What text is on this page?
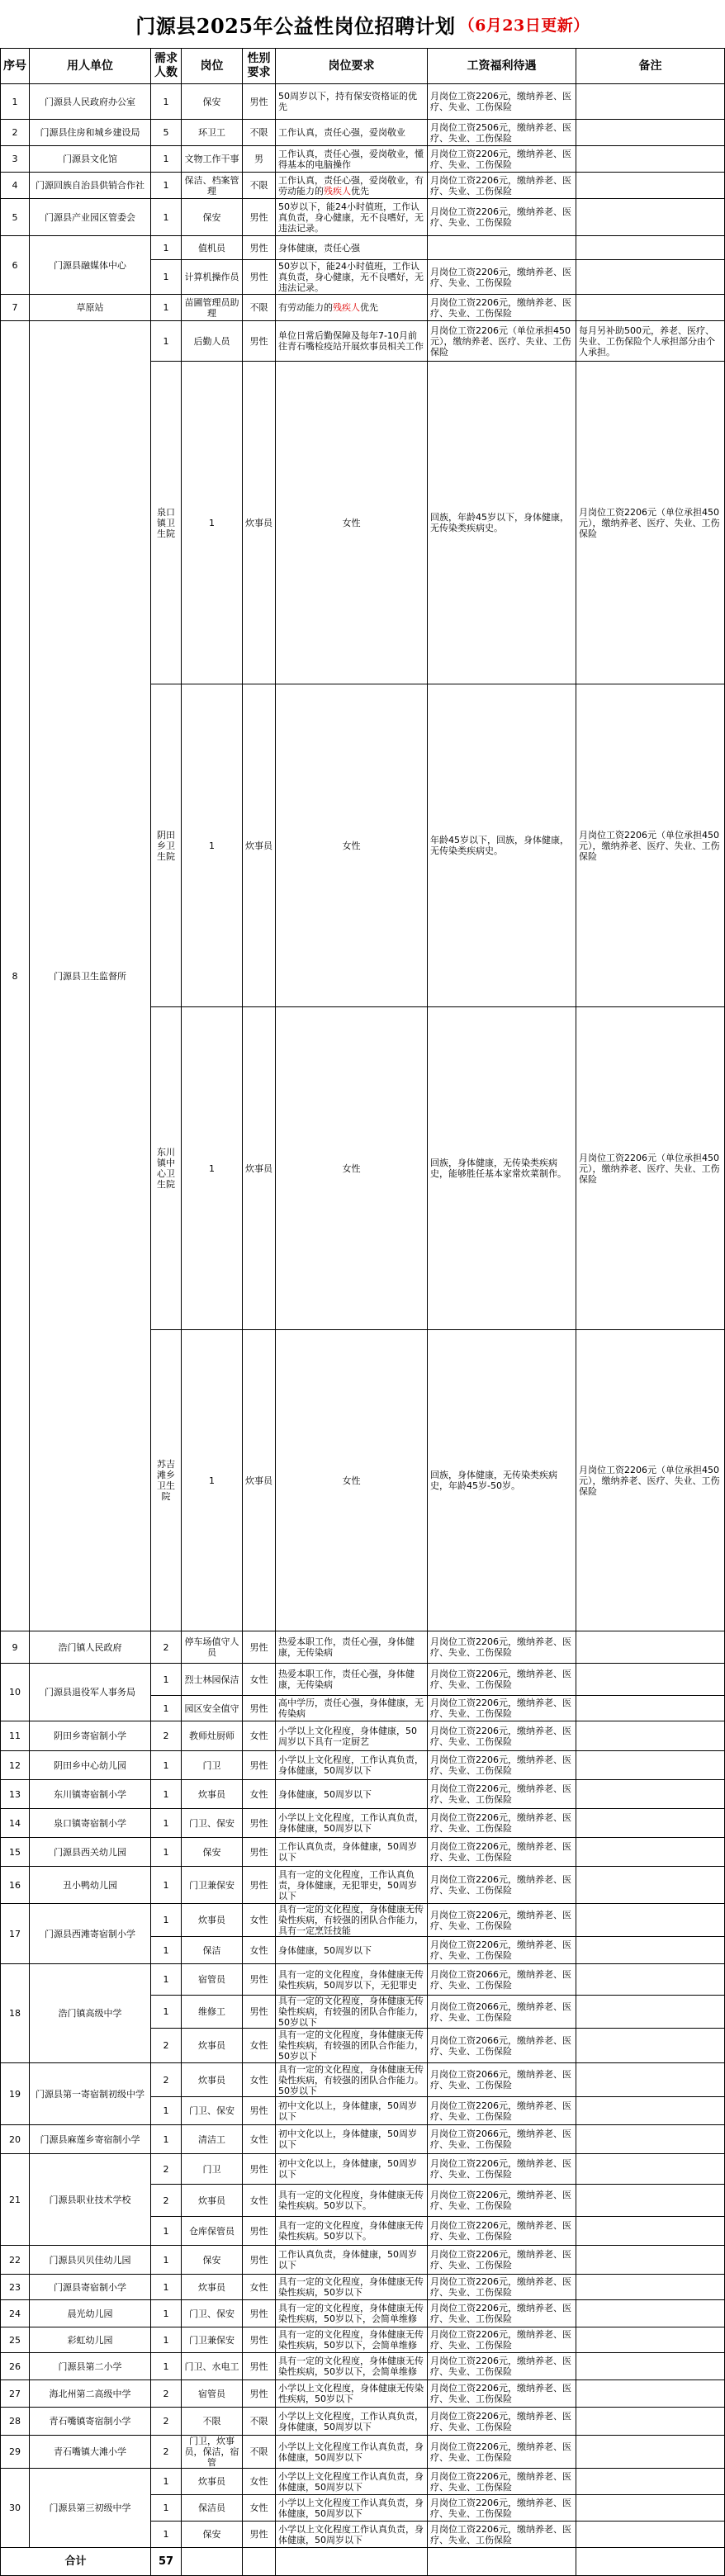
门源县2025年公益性岗位招聘计划 （6月23日更新）
序号	用人单位	需求人数	岗位	性别要求	岗位要求	工资福利待遇	备注	
1	门源县人民政府办公室	1	保安	男性	50周岁以下，持有保安资格证的优先	月岗位工资2206元，缴纳养老、医疗、失业、工伤保险		
2	门源县住房和城乡建设局	5	环卫工	不限	工作认真，责任心强，爱岗敬业	月岗位工资2506元，缴纳养老、医疗、失业、工伤保险		
3	门源县文化馆	1	文物工作干事	男	工作认真，责任心强，爱岗敬业，懂得基本的电脑操作	月岗位工资2206元，缴纳养老、医疗、失业、工伤保险		
4	门源回族自治县供销合作社	1	保洁、档案管理	不限	工作认真，责任心强，爱岗敬业，有劳动能力的残疾人优先	月岗位工资2206元，缴纳养老、医疗、失业、工伤保险		
5	门源县产业园区管委会	1	保安	男性	50岁以下，能24小时值班，工作认真负责，身心健康，无不良嗜好，无违法记录。	月岗位工资2206元，缴纳养老、医疗、失业、工伤保险		
6	门源县融媒体中心	1	值机员	男性	身体健康，责任心强			
		1	计算机操作员	男性	50岁以下，能24小时值班，工作认真负责，身心健康，无不良嗜好，无违法记录。	月岗位工资2206元，缴纳养老、医疗、失业、工伤保险		
7	草原站	1	苗圃管理员助理	不限	有劳动能力的残疾人优先	月岗位工资2206元，缴纳养老、医疗、失业、工伤保险		
8	门源县卫生监督所	1	后勤人员	男性	单位日常后勤保障及每年7-10月前往青石嘴检疫站开展炊事员相关工作	月岗位工资2206元（单位承担450元），缴纳养老、医疗、失业、工伤保险	每月另补助500元，养老、医疗、失业、工伤保险个人承担部分由个人承担。	
		泉口镇卫生院	1	炊事员	女性	回族，年龄45岁以下，身体健康，无传染类疾病史。	月岗位工资2206元（单位承担450元），缴纳养老、医疗、失业、工伤保险	
		阴田乡卫生院	1	炊事员	女性	年龄45岁以下，回族，身体健康，无传染类疾病史。	月岗位工资2206元（单位承担450元），缴纳养老、医疗、失业、工伤保险	
		东川镇中心卫生院	1	炊事员	女性	回族，身体健康，无传染类疾病史，能够胜任基本家常炊菜制作。	月岗位工资2206元（单位承担450元），缴纳养老、医疗、失业、工伤保险	
		苏吉滩乡卫生院	1	炊事员	女性	回族，身体健康，无传染类疾病史，年龄45岁-50岁。	月岗位工资2206元（单位承担450元），缴纳养老、医疗、失业、工伤保险	
9	浩门镇人民政府	2	停车场值守人员	男性	热爱本职工作，责任心强，身体健康，无传染病	月岗位工资2206元，缴纳养老、医疗、失业、工伤保险		
10	门源县退役军人事务局	1	烈士林园保洁	女性	热爱本职工作，责任心强，身体健康，无传染病	月岗位工资2206元，缴纳养老、医疗、失业、工伤保险		
		1	园区安全值守	男性	高中学历，责任心强，身体健康，无传染病	月岗位工资2206元，缴纳养老、医疗、失业、工伤保险		
11	阴田乡寄宿制小学	2	教师灶厨师	女性	小学以上文化程度，身体健康，50周岁以下具有一定厨艺	月岗位工资2206元，缴纳养老、医疗、失业、工伤保险		
12	阴田乡中心幼儿园	1	门卫	男性	小学以上文化程度，工作认真负责，身体健康，50周岁以下	月岗位工资2206元，缴纳养老、医疗、失业、工伤保险		
13	东川镇寄宿制小学	1	炊事员	女性	身体健康，50周岁以下	月岗位工资2206元，缴纳养老、医疗、失业、工伤保险		
14	泉口镇寄宿制小学	1	门卫、保安	男性	小学以上文化程度，工作认真负责，身体健康，50周岁以下	月岗位工资2206元，缴纳养老、医疗、失业、工伤保险		
15	门源县西关幼儿园	1	保安	男性	工作认真负责，身体健康，50周岁以下	月岗位工资2206元，缴纳养老、医疗、失业、工伤保险		
16	丑小鸭幼儿园	1	门卫兼保安	男性	具有一定的文化程度，工作认真负责，身体健康，无犯罪史，50周岁以下	月岗位工资2206元，缴纳养老、医疗、失业、工伤保险		
17	门源县西滩寄宿制小学	1	炊事员	女性	具有一定的文化程度，身体健康无传染性疾病，有较强的团队合作能力，具有一定烹饪技能	月岗位工资2206元，缴纳养老、医疗、失业、工伤保险		
		1	保洁	女性	身体健康，50周岁以下	月岗位工资2206元，缴纳养老、医疗、失业、工伤保险		
18	浩门镇高级中学	1	宿管员	男性	具有一定的文化程度，身体健康无传染性疾病，50周岁以下，无犯罪史	月岗位工资2066元，缴纳养老、医疗、失业、工伤保险		
		1	维修工	男性	具有一定的文化程度，身体健康无传染性疾病，有较强的团队合作能力，50岁以下	月岗位工资2066元，缴纳养老、医疗、失业、工伤保险		
		2	炊事员	女性	具有一定的文化程度，身体健康无传染性疾病，有较强的团队合作能力，50岁以下	月岗位工资2066元，缴纳养老、医疗、失业、工伤保险		
19	门源县第一寄宿制初级中学	2	炊事员	女性	具有一定的文化程度，身体健康无传染性疾病，有较强的团队合作能力。50岁以下	月岗位工资2066元，缴纳养老、医疗、失业、工伤保险		
		1	门卫、保安	男性	初中文化以上，身体健康，50周岁以下	月岗位工资2206元，缴纳养老、医疗、失业、工伤保险		
20	门源县麻莲乡寄宿制小学	1	清洁工	女性	初中文化以上，身体健康，50周岁以下	月岗位工资2066元，缴纳养老、医疗、失业、工伤保险		
21	门源县职业技术学校	2	门卫	男性	初中文化以上，身体健康，50周岁以下	月岗位工资2206元，缴纳养老、医疗、失业、工伤保险		
		2	炊事员	女性	具有一定的文化程度，身体健康无传染性疾病。50岁以下。	月岗位工资2206元，缴纳养老、医疗、失业、工伤保险		
		1	仓库保管员	男性	具有一定的文化程度，身体健康无传染性疾病。50岁以下。	月岗位工资2206元，缴纳养老、医疗、失业、工伤保险		
22	门源县贝贝佳幼儿园	1	保安	男性	工作认真负责，身体健康，50周岁以下	月岗位工资2206元，缴纳养老、医疗、失业、工伤保险		
23	门源县寄宿制小学	1	炊事员	女性	具有一定的文化程度，身体健康无传染性疾病，50岁以下	月岗位工资2206元，缴纳养老、医疗、失业、工伤保险		
24	晨光幼儿园	1	门卫、保安	男性	具有一定的文化程度，身体健康无传染性疾病，50岁以下，会简单维修	月岗位工资2206元，缴纳养老、医疗、失业、工伤保险		
25	彩虹幼儿园	1	门卫兼保安	男性	具有一定的文化程度，身体健康无传染性疾病，50岁以下，会简单维修	月岗位工资2206元，缴纳养老、医疗、失业、工伤保险		
26	门源县第二小学	1	门卫、水电工	男性	具有一定的文化程度，身体健康无传染性疾病，50岁以下，会简单维修	月岗位工资2206元，缴纳养老、医疗、失业、工伤保险		
27	海北州第二高级中学	2	宿管员	男性	小学以上文化程度，身体健康无传染性疾病，50岁以下	月岗位工资2206元，缴纳养老、医疗、失业、工伤保险		
28	青石嘴镇寄宿制小学	2	不限	不限	小学以上文化程度，工作认真负责，身体健康，50周岁以下	月岗位工资2206元，缴纳养老、医疗、失业、工伤保险		
29	青石嘴镇大滩小学	2	门卫，炊事员，保洁，宿管	不限	小学以上文化程度工作认真负责，身体健康，50周岁以下	月岗位工资2206元，缴纳养老、医疗、失业、工伤保险		
30	门源县第三初级中学	1	炊事员	女性	小学以上文化程度工作认真负责，身体健康，50周岁以下	月岗位工资2206元，缴纳养老、医疗、失业、工伤保险		
		1	保洁员	女性	小学以上文化程度工作认真负责，身体健康，50周岁以下	月岗位工资2206元，缴纳养老、医疗、失业、工伤保险		
		1	保安	男性	小学以上文化程度工作认真负责，身体健康，50周岁以下	月岗位工资2206元，缴纳养老、医疗、失业、工伤保险		
合计		57						
